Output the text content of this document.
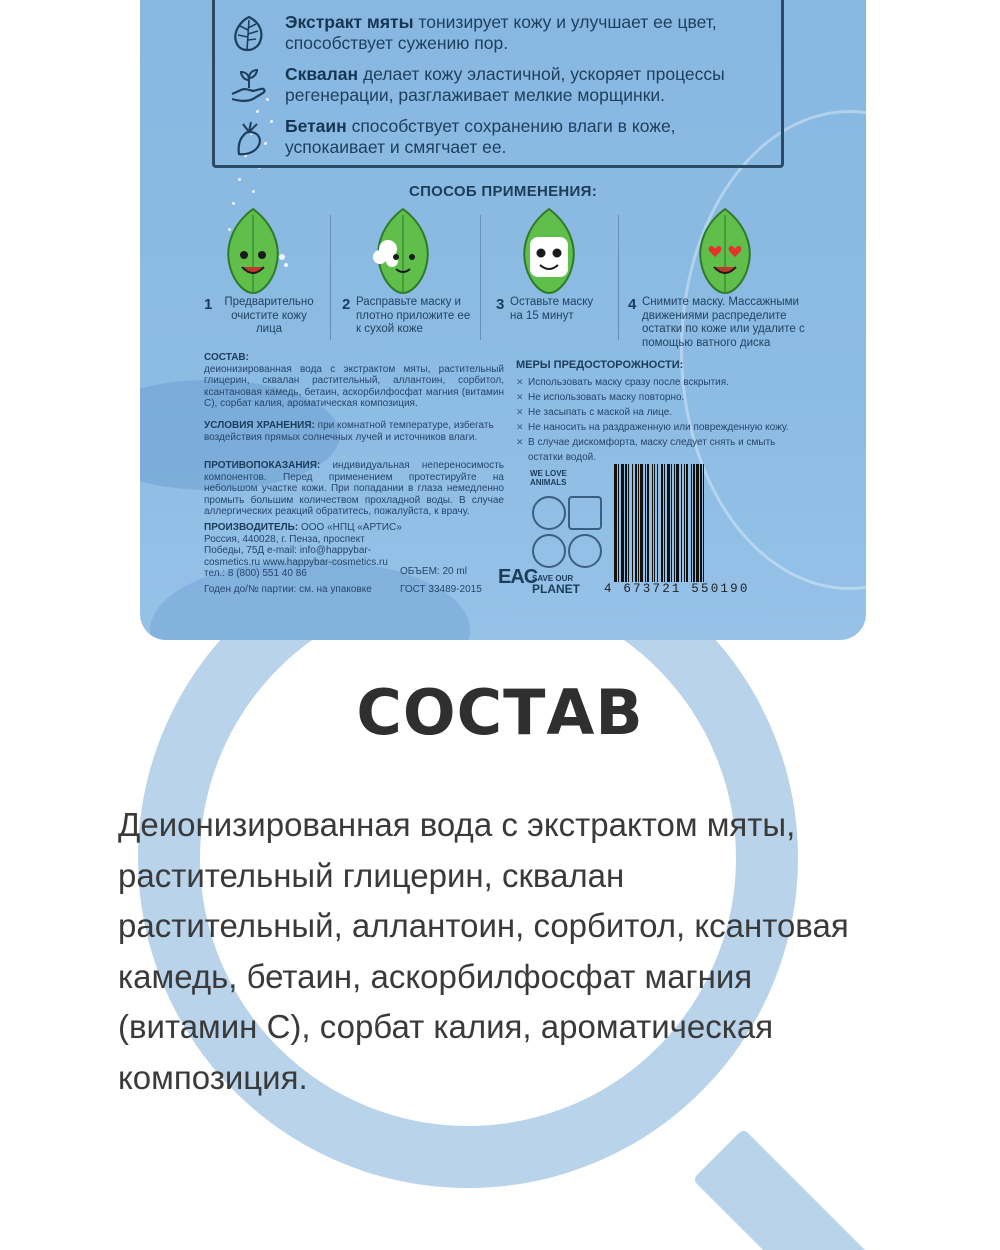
Экстракт мяты тонизирует кожу и улучшает ее цвет,
способствует сужению пор.
Сквалан делает кожу эластичной, ускоряет процессы
регенерации, разглаживает мелкие морщинки.
Бетаин способствует сохранению влаги в коже,
успокаивает и смягчает ее.
СПОСОБ ПРИМЕНЕНИЯ:
1	Предварительно очистите кожу лица
2 Расправьте маску и плотно приложите ее к сухой коже
3 Оставьте маску на 15 минут
4 Снимите маску. Массажными движениями распределите остатки по коже или удалите с помощью ватного диска
СОСТАВ:
деионизированная вода с экстрактом мяты, растительный глицерин, сквалан растительный, аллантоин, сорбитол, ксантановая камедь, бетаин, аскорбилфосфат магния (витамин С), сорбат калия, ароматическая композиция.
УСЛОВИЯ ХРАНЕНИЯ: при комнатной температуре, избегать воздействия прямых солнечных лучей и источников влаги.
ПРОТИВОПОКАЗАНИЯ: индивидуальная непереносимость компонентов. Перед применением протестируйте на небольшом участке кожи. При попадании в глаза немедленно промыть большим количеством прохладной воды. В случае аллергических реакций обратитесь, пожалуйста, к врачу.
ПРОИЗВОДИТЕЛЬ: ООО «НПЦ «АРТИС» Россия, 440028, г. Пенза, проспект Победы, 75Д e-mail: info@happybar-cosmetics.ru www.happybar-cosmetics.ru тел.: 8 (800) 551 40 86	ОБЪЕМ: 20 ml
ГОСТ 33489-2015
Годен до/№ партии: см. на упаковке
МЕРЫ ПРЕДОСТОРОЖНОСТИ:
✕ Использовать маску сразу после вскрытия.
✕ Не использовать маску повторно.
✕ Не засыпать с маской на лице.
✕ Не наносить на раздраженную или поврежденную кожу.
✕ В случае дискомфорта, маску следует снять и смыть остатки водой.
WE LOVE
ANIMALS
SAVE OUR
PLANET
EAC
4 673721 550190
СОСТАВ
Деионизированная вода с экстрактом мяты,
растительный глицерин, сквалан
растительный, аллантоин, сорбитол, ксантовая
камедь, бетаин, аскорбилфосфат магния
(витамин С), сорбат калия, ароматическая
композиция.
